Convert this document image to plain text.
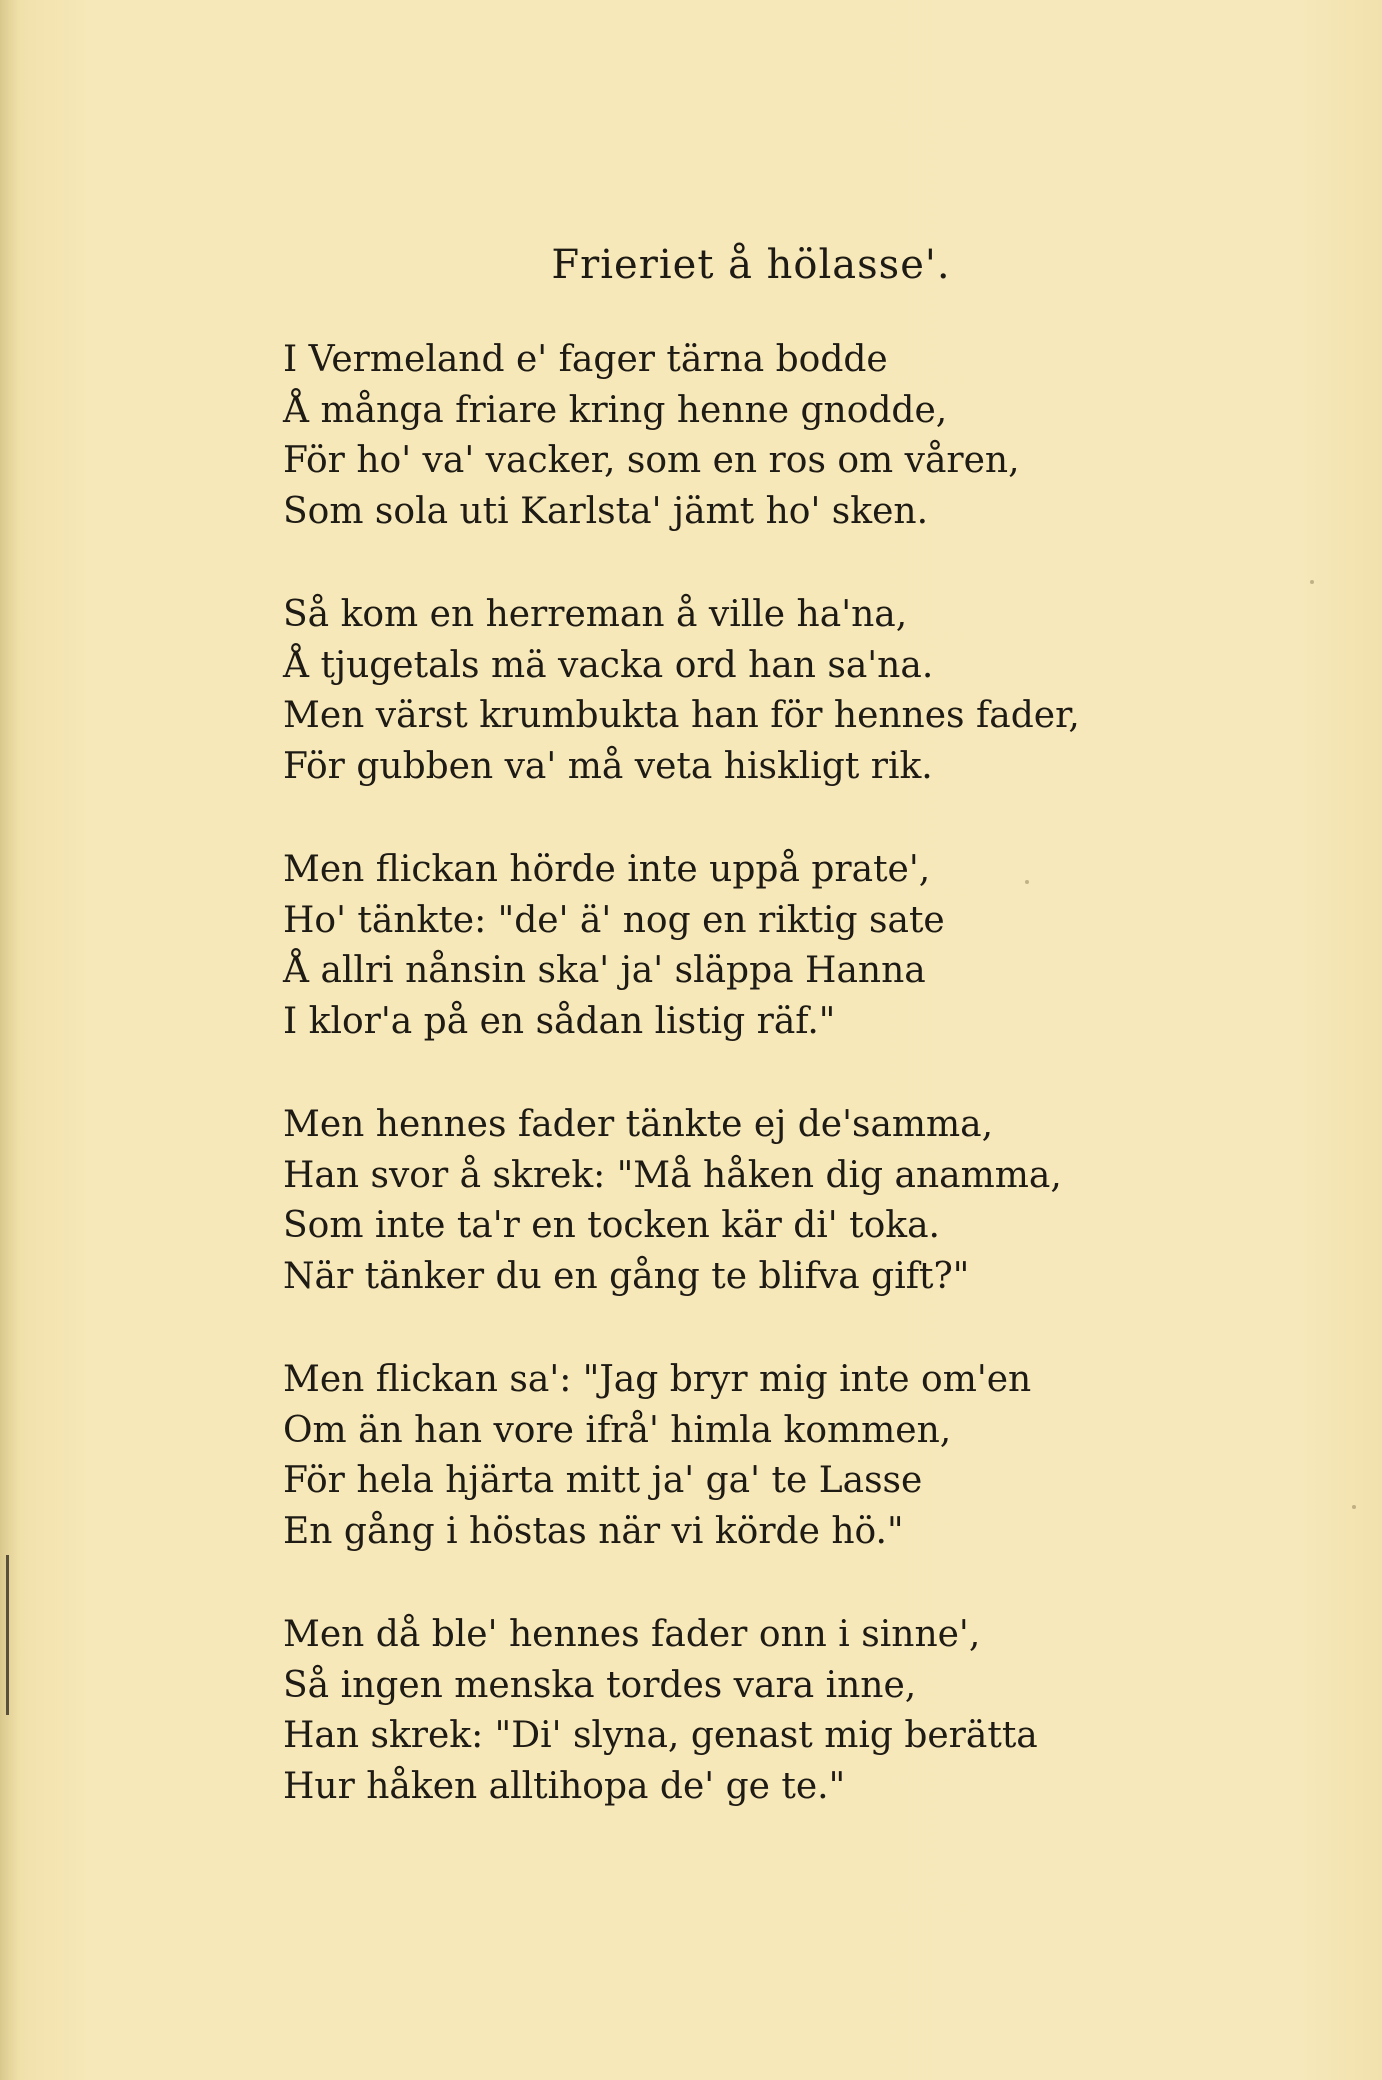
Frieriet å hölasse'.
I Vermeland e' fager tärna bodde
Å många friare kring henne gnodde,
För ho' va' vacker, som en ros om våren,
Som sola uti Karlsta' jämt ho' sken.
Så kom en herreman å ville ha'na,
Å tjugetals mä vacka ord han sa'na.
Men värst krumbukta han för hennes fader,
För gubben va' må veta hiskligt rik.
Men flickan hörde inte uppå prate',
Ho' tänkte: "de' ä' nog en riktig sate
Å allri nånsin ska' ja' släppa Hanna
I klor'a på en sådan listig räf."
Men hennes fader tänkte ej de'samma,
Han svor å skrek: "Må håken dig anamma,
Som inte ta'r en tocken kär di' toka.
När tänker du en gång te blifva gift?"
Men flickan sa': "Jag bryr mig inte om'en
Om än han vore ifrå' himla kommen,
För hela hjärta mitt ja' ga' te Lasse
En gång i höstas när vi körde hö."
Men då ble' hennes fader onn i sinne',
Så ingen menska tordes vara inne,
Han skrek: "Di' slyna, genast mig berätta
Hur håken alltihopa de' ge te."
